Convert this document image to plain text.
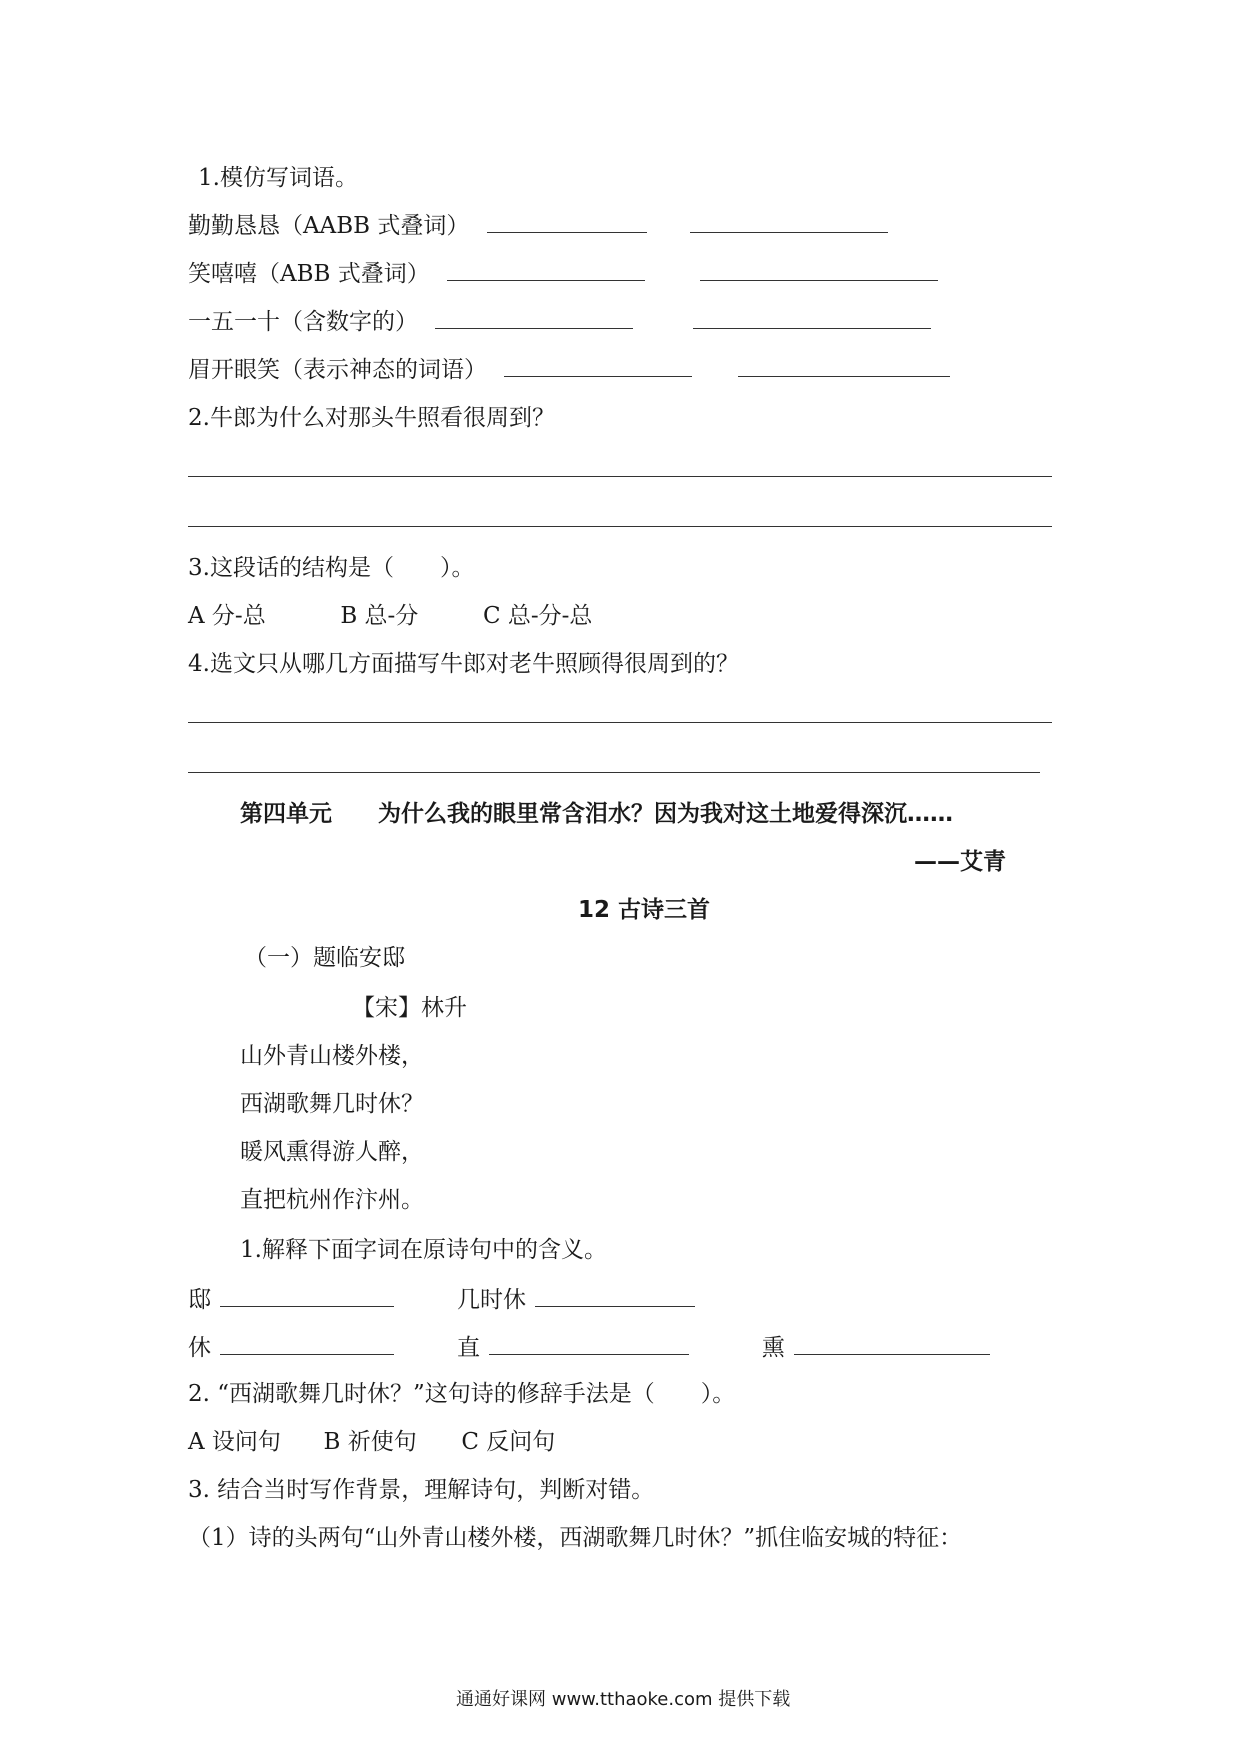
1.模仿写词语。
勤勤恳恳（AABB 式叠词）
笑嘻嘻（ABB 式叠词）
一五一十（含数字的）
眉开眼笑（表示神态的词语）
2.牛郎为什么对那头牛照看很周到？
3.这段话的结构是（　　）。
A 分-总	B 总-分	C 总-分-总
4.选文只从哪几方面描写牛郎对老牛照顾得很周到的？
第四单元 为什么我的眼里常含泪水？因为我对这土地爱得深沉……
——艾青
12 古诗三首
（一）题临安邸
【宋】林升
山外青山楼外楼，
西湖歌舞几时休？
暖风熏得游人醉，
直把杭州作汴州。
1.解释下面字词在原诗句中的含义。
邸	几时休
休	直	熏
2. “西湖歌舞几时休？”这句诗的修辞手法是（　　）。
A 设问句 B 祈使句 C 反问句
3. 结合当时写作背景，理解诗句，判断对错。
（1）诗的头两句“山外青山楼外楼，西湖歌舞几时休？”抓住临安城的特征：
通通好课网 www.tthaoke.com 提供下载
